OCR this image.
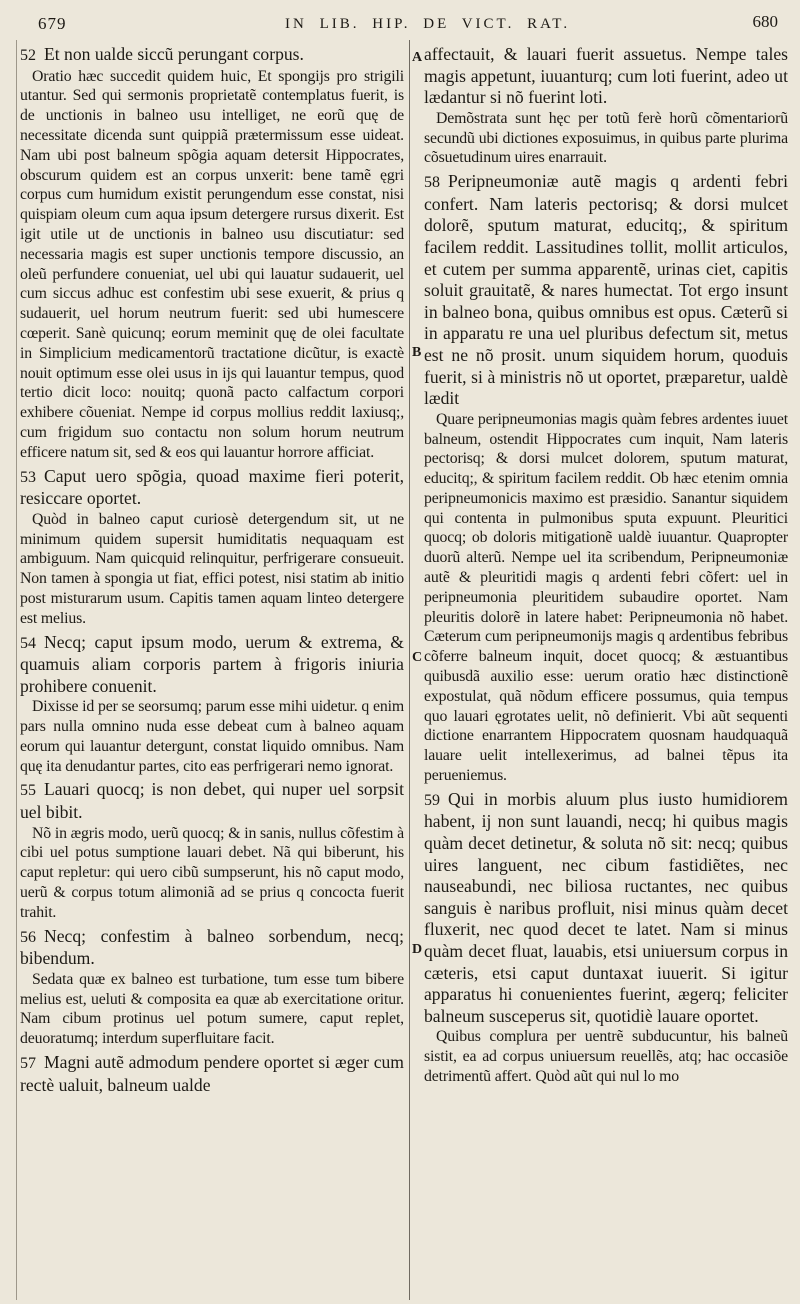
679	IN LIB. HIP. DE VICT. RAT.	680
A
B
C
D

52 Et non ualde siccũ perungant corpus.

Oratio hæc succedit quidem huic, Et spongijs pro strigili utantur. Sed qui sermonis proprietatẽ contemplatus fuerit, is de unctionis in balneo usu intelliget, ne eorũ quę de necessitate dicenda sunt quippiã prætermissum esse uideat. Nam ubi post balneum spõgia aquam detersit Hippocrates, obscurum quidem est an corpus unxerit: bene tamẽ ęgri corpus cum humidum existit perungendum esse constat, nisi quispiam oleum cum aqua ipsum detergere rursus dixerit. Est igit utile ut de unctionis in balneo usu discutiatur: sed necessaria magis est super unctionis tempore discussio, an oleũ perfundere conueniat, uel ubi qui lauatur sudauerit, uel cum siccus adhuc est confestim ubi sese exuerit, & prius q sudauerit, uel horum neutrum fuerit: sed ubi humescere cœperit. Sanè quicunq; eorum meminit quę de olei facultate in Simplicium medicamentorũ tractatione dicũtur, is exactè nouit optimum esse olei usus in ijs qui lauantur tempus, quod tertio dicit loco: nouitq; quonã pacto calfactum corpori exhibere cõueniat. Nempe id corpus mollius reddit laxiusq;, cum frigidum suo contactu non solum horum neutrum efficere natum sit, sed & eos qui lauantur horrore afficiat.

53 Caput uero spõgia, quoad maxime fieri poterit, resiccare oportet.

Quòd in balneo caput curiosè detergendum sit, ut ne minimum quidem supersit humiditatis nequaquam est ambiguum. Nam quicquid relinquitur, perfrigerare consueuit. Non tamen à spongia ut fiat, effici potest, nisi statim ab initio post misturarum usum. Capitis tamen aquam linteo detergere est melius.

54 Necq; caput ipsum modo, uerum & extrema, & quamuis aliam corporis partem à frigoris iniuria prohibere conuenit.

Dixisse id per se seorsumq; parum esse mihi uidetur. q enim pars nulla omnino nuda esse debeat cum à balneo aquam eorum qui lauantur detergunt, constat liquido omnibus. Nam quę ita denudantur partes, cito eas perfrigerari nemo ignorat.

55 Lauari quocq; is non debet, qui nuper uel sorpsit uel bibit.

Nõ in ægris modo, uerũ quocq; & in sanis, nullus cõfestim à cibi uel potus sumptione lauari debet. Nã qui biberunt, his caput repletur: qui uero cibũ sumpserunt, his nõ caput modo, uerũ & corpus totum alimoniã ad se prius q concocta fuerit trahit.

56 Necq; confestim à balneo sorbendum, necq; bibendum.

Sedata quæ ex balneo est turbatione, tum esse tum bibere melius est, ueluti & composita ea quæ ab exercitatione oritur. Nam cibum protinus uel potum sumere, caput replet, deuoratumq; interdum superfluitare facit.

57 Magni autẽ admodum pendere oportet si æger cum rectè ualuit, balneum ualde

affectauit, & lauari fuerit assuetus. Nempe tales magis appetunt, iuuanturq; cum loti fuerint, adeo ut lædantur si nõ fuerint loti.

Demõstrata sunt hęc per totũ ferè horũ cõmentariorũ secundũ ubi dictiones exposuimus, in quibus parte plurima cõsuetudinum uires enarrauit.

58 Peripneumoniæ autẽ magis q ardenti febri confert. Nam lateris pectorisq; & dorsi mulcet dolorẽ, sputum maturat, educitq;, & spiritum facilem reddit. Lassitudines tollit, mollit articulos, et cutem per summa apparentẽ, urinas ciet, capitis soluit grauitatẽ, & nares humectat. Tot ergo insunt in balneo bona, quibus omnibus est opus. Cæterũ si in apparatu re una uel pluribus defectum sit, metus est ne nõ prosit. unum siquidem horum, quoduis fuerit, si à ministris nõ ut oportet, præparetur, ualdè lædit

Quare peripneumonias magis quàm febres ardentes iuuet balneum, ostendit Hippocrates cum inquit, Nam lateris pectorisq; & dorsi mulcet dolorem, sputum maturat, educitq;, & spiritum facilem reddit. Ob hæc etenim omnia peripneumonicis maximo est præsidio. Sanantur siquidem qui contenta in pulmonibus sputa expuunt. Pleuritici quocq; ob doloris mitigationẽ ualdè iuuantur. Quapropter duorũ alterũ. Nempe uel ita scribendum, Peripneumoniæ autẽ & pleuritidi magis q ardenti febri cõfert: uel in peripneumonia pleuritidem subaudire oportet. Nam pleuritis dolorẽ in latere habet: Peripneumonia nõ habet. Cæterum cum peripneumonijs magis q ardentibus febribus cõferre balneum inquit, docet quocq; & æstuantibus quibusdã auxilio esse: uerum oratio hæc distinctionẽ expostulat, quã nõdum efficere possumus, quia tempus quo lauari ęgrotates uelit, nõ definierit. Vbi aũt sequenti dictione enarrantem Hippocratem quosnam haudquaquã lauare uelit intellexerimus, ad balnei tẽpus ita perueniemus.

59 Qui in morbis aluum plus iusto humidiorem habent, ij non sunt lauandi, necq; hi quibus magis quàm decet detinetur, & soluta nõ sit: necq; quibus uires languent, nec cibum fastidiẽtes, nec nauseabundi, nec biliosa ructantes, nec quibus sanguis è naribus profluit, nisi minus quàm decet fluxerit, nec quod decet te latet. Nam si minus quàm decet fluat, lauabis, etsi uniuersum corpus in cæteris, etsi caput duntaxat iuuerit. Si igitur apparatus hi conuenientes fuerint, ægerq; feliciter balneum susceperus sit, quotidiè lauare oportet.

Quibus complura per uentrẽ subducuntur, his balneũ sistit, ea ad corpus uniuersum reuellẽs, atq; hac occasiõe detrimentũ affert. Quòd aũt qui nul lo mo
